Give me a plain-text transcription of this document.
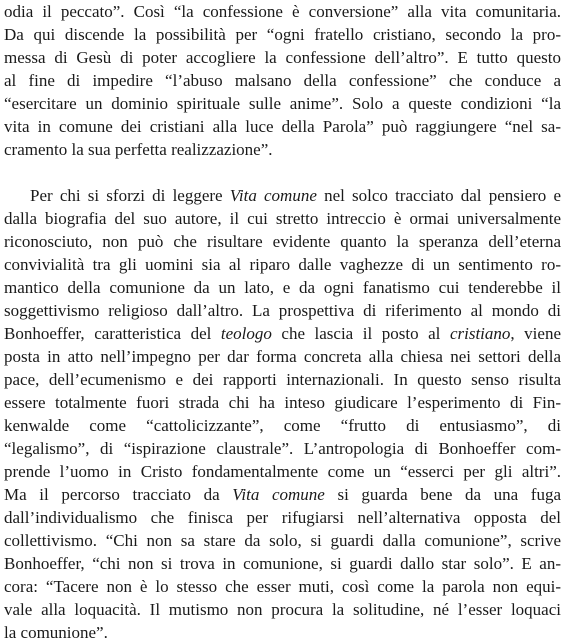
odia il peccato”. Così “la confessione è conversione” alla vita comunitaria.
Da qui discende la possibilità per “ogni fratello cristiano, secondo la pro-
messa di Gesù di poter accogliere la confessione dell’altro”. E tutto questo
al fine di impedire “l’abuso malsano della confessione” che conduce a
“esercitare un dominio spirituale sulle anime”. Solo a queste condizioni “la
vita in comune dei cristiani alla luce della Parola” può raggiungere “nel sa-
cramento la sua perfetta realizzazione”.
Per chi si sforzi di leggere Vita comune nel solco tracciato dal pensiero e
dalla biografia del suo autore, il cui stretto intreccio è ormai universalmente
riconosciuto, non può che risultare evidente quanto la speranza dell’eterna
convivialità tra gli uomini sia al riparo dalle vaghezze di un sentimento ro-
mantico della comunione da un lato, e da ogni fanatismo cui tenderebbe il
soggettivismo religioso dall’altro. La prospettiva di riferimento al mondo di
Bonhoeffer, caratteristica del teologo che lascia il posto al cristiano, viene
posta in atto nell’impegno per dar forma concreta alla chiesa nei settori della
pace, dell’ecumenismo e dei rapporti internazionali. In questo senso risulta
essere totalmente fuori strada chi ha inteso giudicare l’esperimento di Fin-
kenwalde come “cattolicizzante”, come “frutto di entusiasmo”, di
“legalismo”, di “ispirazione claustrale”. L’antropologia di Bonhoeffer com-
prende l’uomo in Cristo fondamentalmente come un “esserci per gli altri”.
Ma il percorso tracciato da Vita comune si guarda bene da una fuga
dall’individualismo che finisca per rifugiarsi nell’alternativa opposta del
collettivismo. “Chi non sa stare da solo, si guardi dalla comunione”, scrive
Bonhoeffer, “chi non si trova in comunione, si guardi dallo star solo”. E an-
cora: “Tacere non è lo stesso che esser muti, così come la parola non equi-
vale alla loquacità. Il mutismo non procura la solitudine, né l’esser loquaci
la comunione”.
